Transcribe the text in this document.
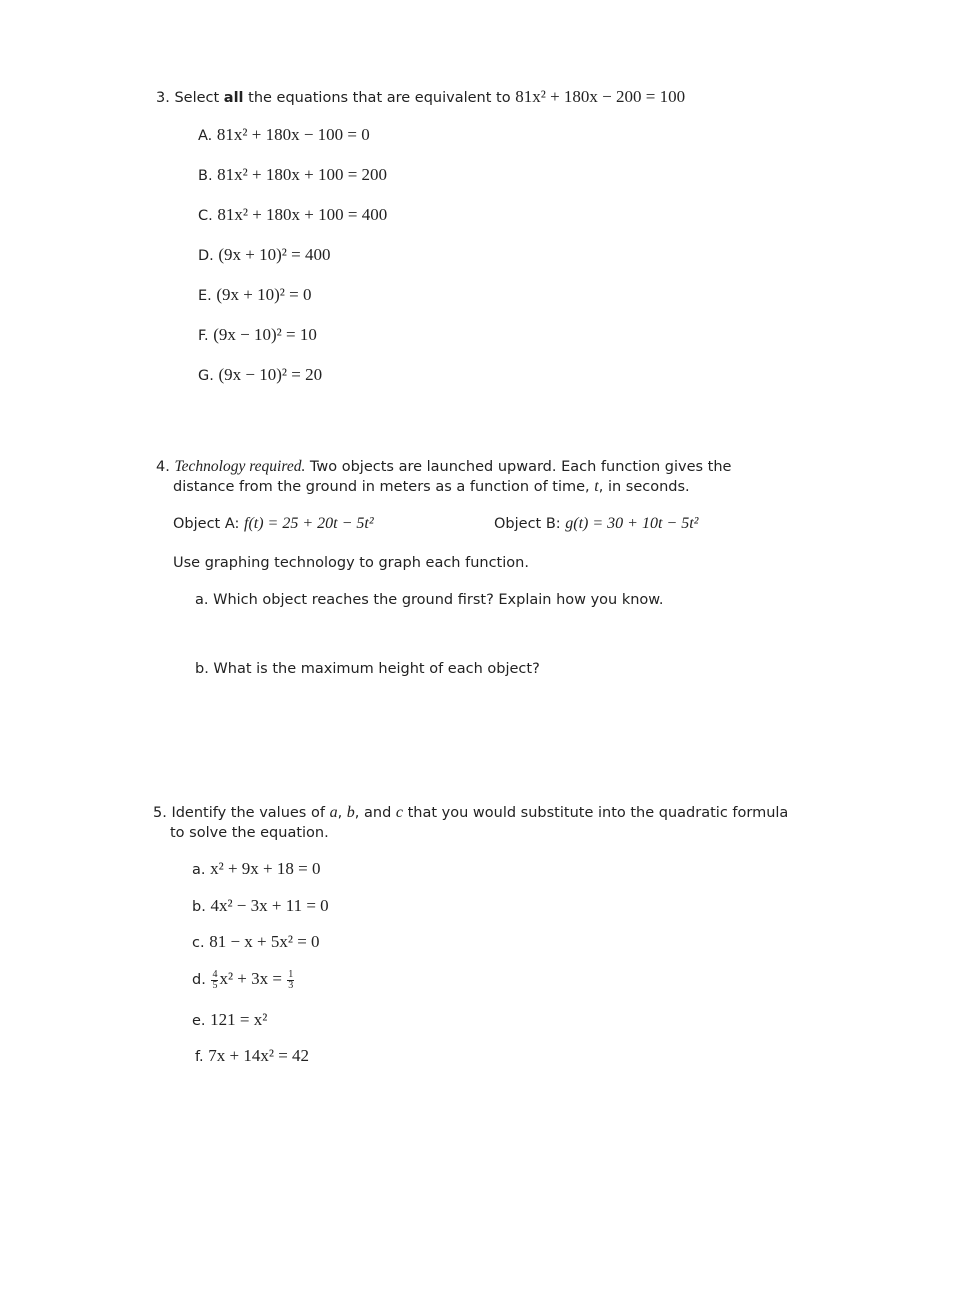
3. Select all the equations that are equivalent to 81x² + 180x − 200 = 100
A. 81x² + 180x − 100 = 0
B. 81x² + 180x + 100 = 200
C. 81x² + 180x + 100 = 400
D. (9x + 10)² = 400
E. (9x + 10)² = 0
F. (9x − 10)² = 10
G. (9x − 10)² = 20
4. Technology required. Two objects are launched upward. Each function gives the
distance from the ground in meters as a function of time, t, in seconds.
Object A: f(t) = 25 + 20t − 5t²	Object B: g(t) = 30 + 10t − 5t²
Use graphing technology to graph each function.
a. Which object reaches the ground first? Explain how you know.
b. What is the maximum height of each object?
5. Identify the values of a, b, and c that you would substitute into the quadratic formula
to solve the equation.
a. x² + 9x + 18 = 0
b. 4x² − 3x + 11 = 0
c. 81 − x + 5x² = 0
d. $\frac{4}{5} x^2 + 3x = \frac{1}{3}$
e. 121 = x²
f. 7x + 14x² = 42
